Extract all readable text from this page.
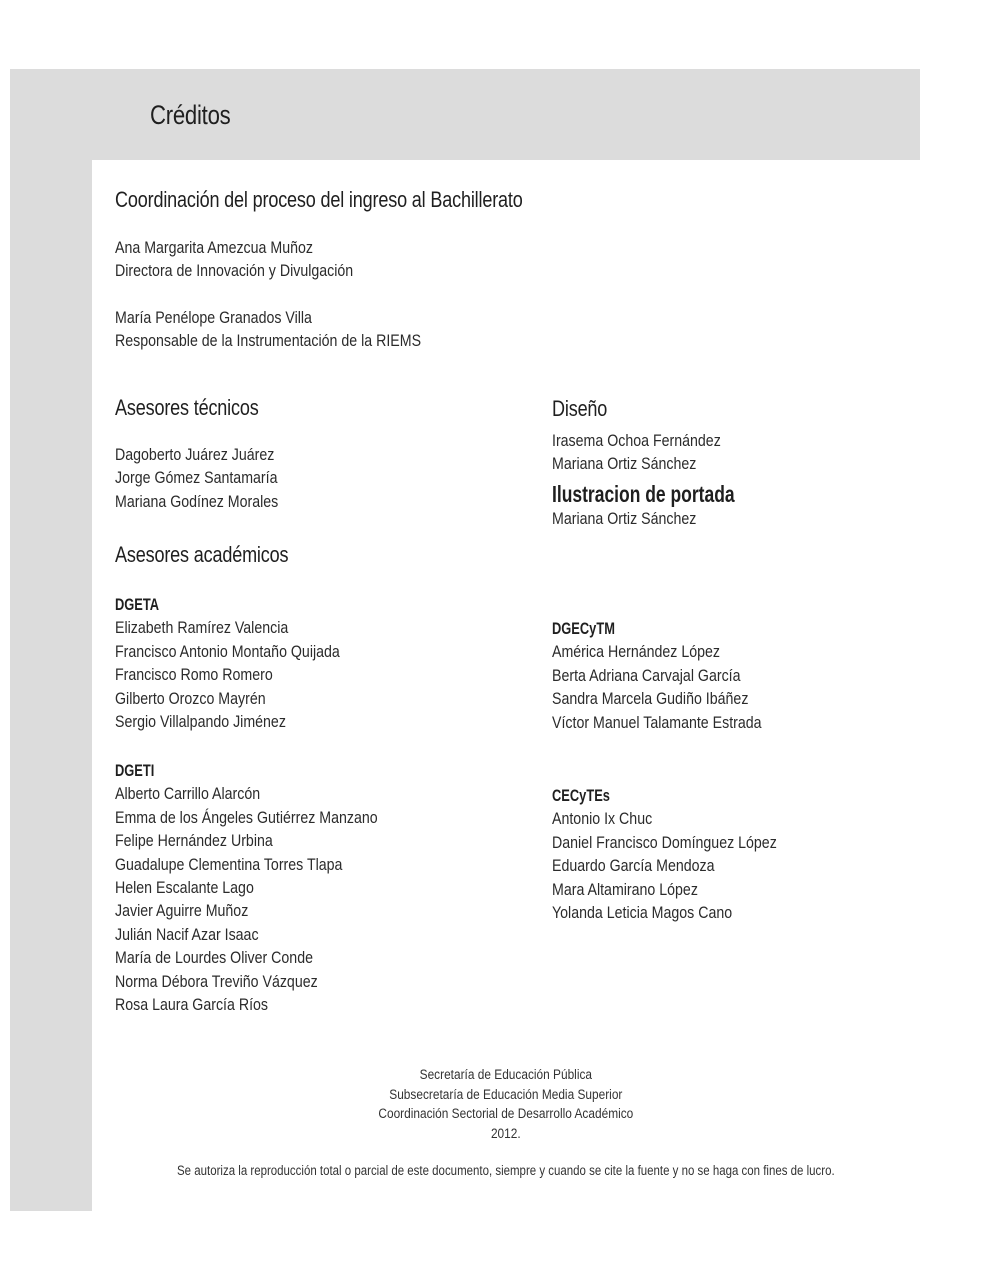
Créditos
Coordinación del proceso del ingreso al Bachillerato
Ana Margarita Amezcua Muñoz
Directora de Innovación y Divulgación
María Penélope Granados Villa
Responsable de la Instrumentación de la RIEMS
Asesores técnicos
Dagoberto Juárez Juárez
Jorge Gómez Santamaría
Mariana Godínez Morales
Diseño
Irasema Ochoa Fernández
Mariana Ortiz Sánchez
Ilustracion de portada
Mariana Ortiz Sánchez
Asesores académicos
DGETA
Elizabeth Ramírez Valencia
Francisco Antonio Montaño Quijada
Francisco Romo Romero
Gilberto Orozco Mayrén
Sergio Villalpando Jiménez
DGETI
Alberto Carrillo Alarcón
Emma de los Ángeles Gutiérrez Manzano
Felipe Hernández Urbina
Guadalupe Clementina Torres Tlapa
Helen Escalante Lago
Javier Aguirre Muñoz
Julián Nacif Azar Isaac
María de Lourdes Oliver Conde
Norma Débora Treviño Vázquez
Rosa Laura García Ríos
DGECyTM
América Hernández López
Berta Adriana Carvajal García
Sandra Marcela Gudiño Ibáñez
Víctor Manuel Talamante Estrada
CECyTEs
Antonio Ix Chuc
Daniel Francisco Domínguez López
Eduardo García Mendoza
Mara Altamirano López
Yolanda Leticia Magos Cano
Secretaría de Educación Pública
Subsecretaría de Educación Media Superior
Coordinación Sectorial de Desarrollo Académico
2012.
Se autoriza la reproducción total o parcial de este documento, siempre y cuando se cite la fuente y no se haga con fines de lucro.
